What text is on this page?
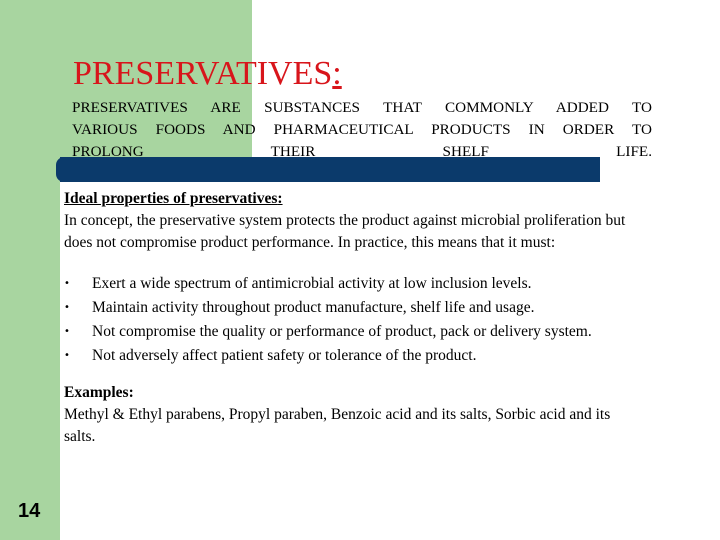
PRESERVATIVES:
PRESERVATIVES ARE SUBSTANCES THAT COMMONLY ADDED TO
VARIOUS FOODS AND PHARMACEUTICAL PRODUCTS IN ORDER TO
PROLONG THEIR SHELF LIFE.
Ideal properties of preservatives:
In concept, the preservative system protects the product against microbial proliferation but does not compromise product performance. In practice, this means that it must:
• Exert a wide spectrum of antimicrobial activity at low inclusion levels.
• Maintain activity throughout product manufacture, shelf life and usage.
• Not compromise the quality or performance of product, pack or delivery system.
• Not adversely affect patient safety or tolerance of the product.
Examples:
Methyl & Ethyl parabens, Propyl paraben, Benzoic acid and its salts, Sorbic acid and its salts.
14
